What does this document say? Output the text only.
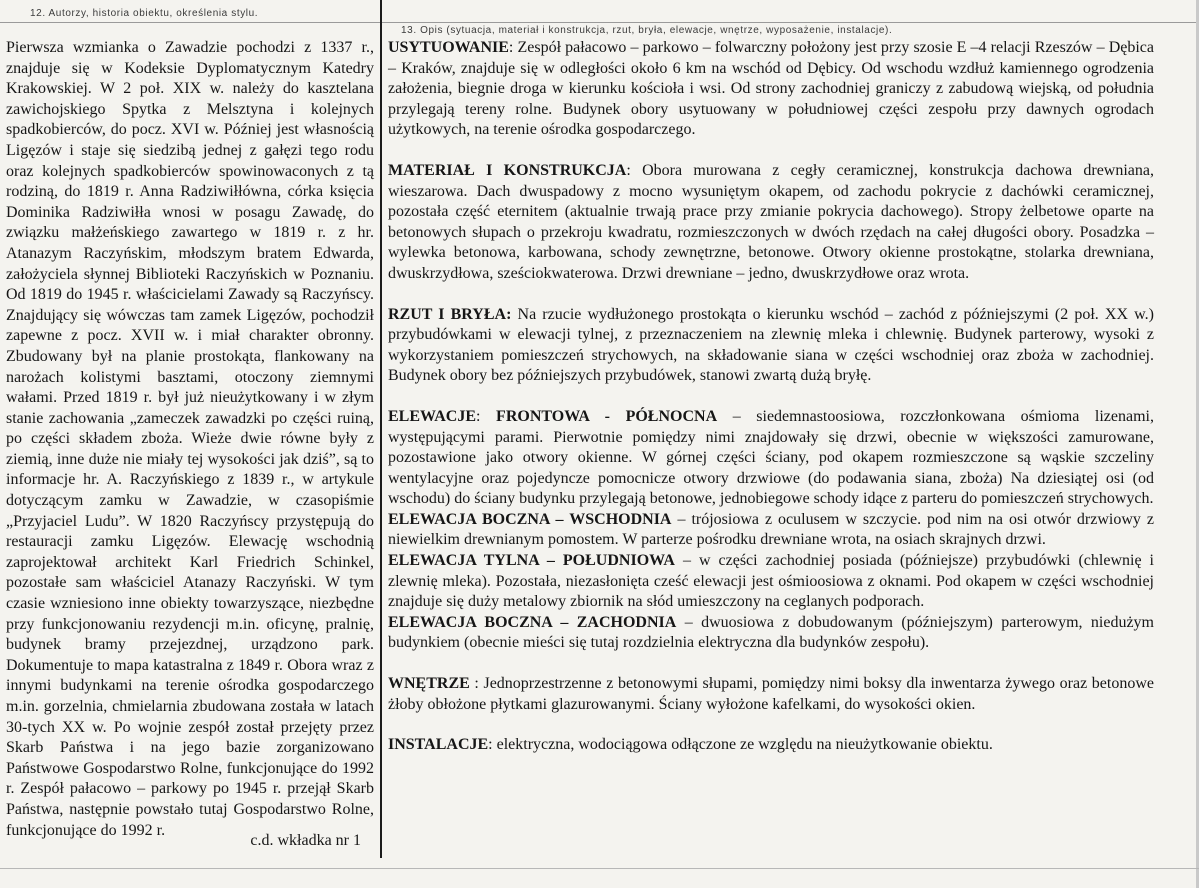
12. Autorzy, historia obiektu, określenia stylu.

Pierwsza wzmianka o Zawadzie pochodzi z 1337 r., znajduje się w Kodeksie Dyplomatycznym Katedry Krakowskiej. W 2 poł. XIX w. należy do kasztelana zawichojskiego Spytka z Melsztyna i kolejnych spadkobierców, do pocz. XVI w. Później jest własnością Ligęzów i staje się siedzibą jednej z gałęzi tego rodu oraz kolejnych spadkobierców spowinowaconych z tą rodziną, do 1819 r. Anna Radziwiłłówna, córka księcia Dominika Radziwiłła wnosi w posagu Zawadę, do związku małżeńskiego zawartego w 1819 r. z hr. Atanazym Raczyńskim, młodszym bratem Edwarda, założyciela słynnej Biblioteki Raczyńskich w Poznaniu. Od 1819 do 1945 r. właścicielami Zawady są Raczyńscy. Znajdujący się wówczas tam zamek Ligęzów, pochodził zapewne z pocz. XVII w. i miał charakter obronny. Zbudowany był na planie prostokąta, flankowany na narożach kolistymi basztami, otoczony ziemnymi wałami. Przed 1819 r. był już nieużytkowany i w złym stanie zachowania „zameczek zawadzki po części ruiną, po części składem zboża. Wieże dwie równe były z ziemią, inne duże nie miały tej wysokości jak dziś”, są to informacje hr. A. Raczyńskiego z 1839 r., w artykule dotyczącym zamku w Zawadzie, w czasopiśmie „Przyjaciel Ludu”. W 1820 Raczyńscy przystępują do restauracji zamku Ligęzów. Elewację wschodnią zaprojektował architekt Karl Friedrich Schinkel, pozostałe sam właściciel Atanazy Raczyński. W tym czasie wzniesiono inne obiekty towarzyszące, niezbędne przy funkcjonowaniu rezydencji m.in. oficynę, pralnię, budynek bramy przejezdnej, urządzono park. Dokumentuje to mapa katastralna z 1849 r. Obora wraz z innymi budynkami na terenie ośrodka gospodarczego m.in. gorzelnia, chmielarnia zbudowana została w latach 30-tych XX w. Po wojnie zespół został przejęty przez Skarb Państwa i na jego bazie zorganizowano Państwowe Gospodarstwo Rolne, funkcjonujące do 1992 r. Zespół pałacowo – parkowy po 1945 r. przejął Skarb Państwa, następnie powstało tutaj Gospodarstwo Rolne, funkcjonujące do 1992 r.

c.d. wkładka nr 1
13. Opis (sytuacja, materiał i konstrukcja, rzut, bryła, elewacje, wnętrze, wyposażenie, instalacje).

USYTUOWANIE: Zespół pałacowo – parkowo – folwarczny położony jest przy szosie E –4 relacji Rzeszów – Dębica – Kraków, znajduje się w odległości około 6 km na wschód od Dębicy. Od wschodu wzdłuż kamiennego ogrodzenia założenia, biegnie droga w kierunku kościoła i wsi. Od strony zachodniej graniczy z zabudową wiejską, od południa przylegają tereny rolne. Budynek obory usytuowany w południowej części zespołu przy dawnych ogrodach użytkowych, na terenie ośrodka gospodarczego.

MATERIAŁ I KONSTRUKCJA: Obora murowana z cegły ceramicznej, konstrukcja dachowa drewniana, wieszarowa. Dach dwuspadowy z mocno wysuniętym okapem, od zachodu pokrycie z dachówki ceramicznej, pozostała część eternitem (aktualnie trwają prace przy zmianie pokrycia dachowego). Stropy żelbetowe oparte na betonowych słupach o przekroju kwadratu, rozmieszczonych w dwóch rzędach na całej długości obory. Posadzka – wylewka betonowa, karbowana, schody zewnętrzne, betonowe. Otwory okienne prostokątne, stolarka drewniana, dwuskrzydłowa, sześciokwaterowa. Drzwi drewniane – jedno, dwuskrzydłowe oraz wrota.

RZUT I BRYŁA: Na rzucie wydłużonego prostokąta o kierunku wschód – zachód z późniejszymi (2 poł. XX w.) przybudówkami w elewacji tylnej, z przeznaczeniem na zlewnię mleka i chlewnię. Budynek parterowy, wysoki z wykorzystaniem pomieszczeń strychowych, na składowanie siana w części wschodniej oraz zboża w zachodniej. Budynek obory bez późniejszych przybudówek, stanowi zwartą dużą bryłę.

ELEWACJE: FRONTOWA - PÓŁNOCNA – siedemnastoosiowa, rozczłonkowana ośmioma lizenami, występującymi parami. Pierwotnie pomiędzy nimi znajdowały się drzwi, obecnie w większości zamurowane, pozostawione jako otwory okienne. W górnej części ściany, pod okapem rozmieszczone są wąskie szczeliny wentylacyjne oraz pojedyncze pomocnicze otwory drzwiowe (do podawania siana, zboża) Na dziesiątej osi (od wschodu) do ściany budynku przylegają betonowe, jednobiegowe schody idące z parteru do pomieszczeń strychowych.

ELEWACJA BOCZNA – WSCHODNIA – trójosiowa z oculusem w szczycie. pod nim na osi otwór drzwiowy z niewielkim drewnianym pomostem. W parterze pośrodku drewniane wrota, na osiach skrajnych drzwi.

ELEWACJA TYLNA – POŁUDNIOWA – w części zachodniej posiada (późniejsze) przybudówki (chlewnię i zlewnię mleka). Pozostała, niezasłonięta cześć elewacji jest ośmioosiowa z oknami. Pod okapem w części wschodniej znajduje się duży metalowy zbiornik na słód umieszczony na ceglanych podporach.

ELEWACJA BOCZNA – ZACHODNIA – dwuosiowa z dobudowanym (późniejszym) parterowym, niedużym budynkiem (obecnie mieści się tutaj rozdzielnia elektryczna dla budynków zespołu).

WNĘTRZE : Jednoprzestrzenne z betonowymi słupami, pomiędzy nimi boksy dla inwentarza żywego oraz betonowe żłoby obłożone płytkami glazurowanymi. Ściany wyłożone kafelkami, do wysokości okien.

INSTALACJE: elektryczna, wodociągowa odłączone ze względu na nieużytkowanie obiektu.
